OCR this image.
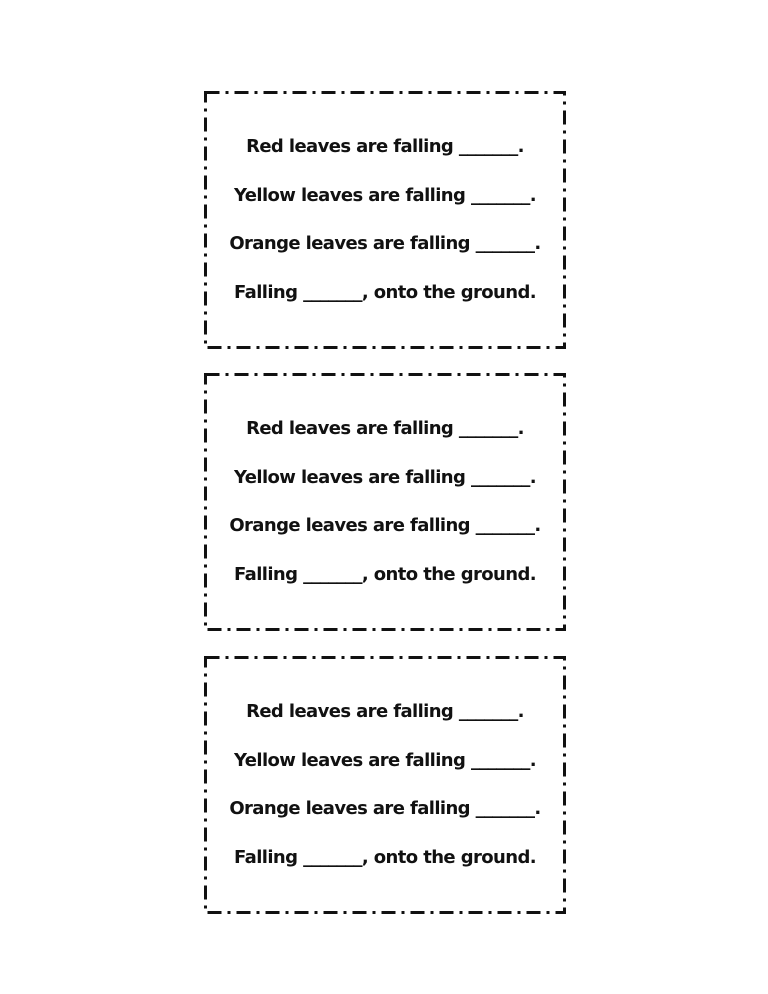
Red leaves are falling _______.
Yellow leaves are falling _______.
Orange leaves are falling _______.
Falling _______, onto the ground.
Red leaves are falling _______.
Yellow leaves are falling _______.
Orange leaves are falling _______.
Falling _______, onto the ground.
Red leaves are falling _______.
Yellow leaves are falling _______.
Orange leaves are falling _______.
Falling _______, onto the ground.
